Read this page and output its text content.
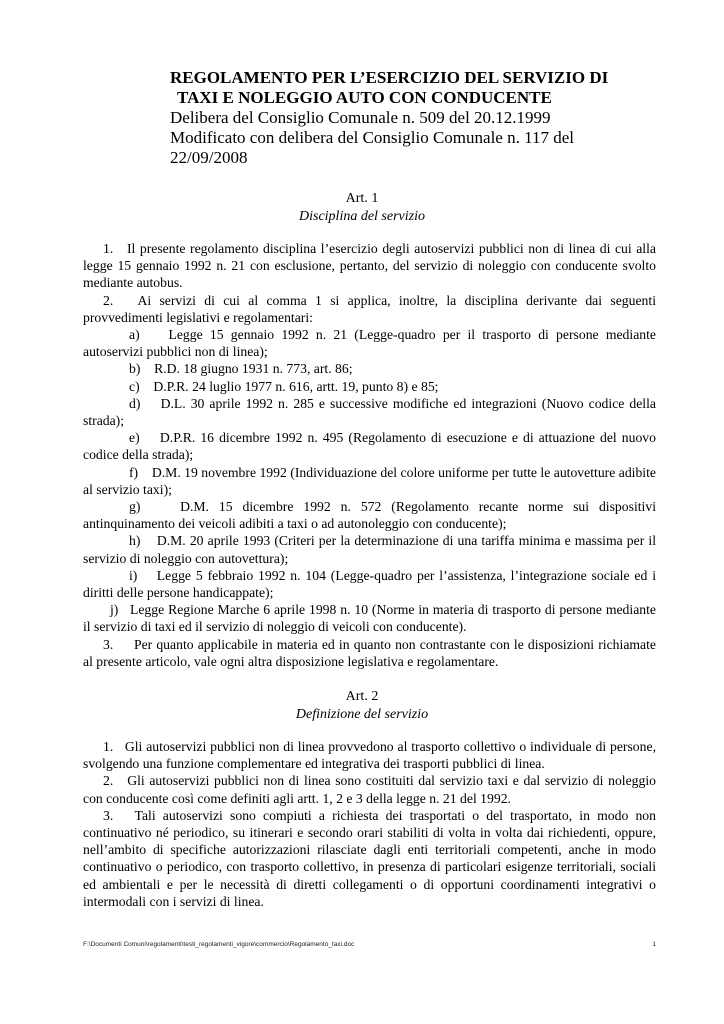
REGOLAMENTO PER L’ESERCIZIO DEL SERVIZIO DI

TAXI E NOLEGGIO AUTO CON CONDUCENTE

Delibera del Consiglio Comunale n. 509 del 20.12.1999

Modificato con delibera del Consiglio Comunale n. 117 del

22/09/2008

Art. 1
Disciplina del servizio

1.   Il presente regolamento disciplina l’esercizio degli autoservizi pubblici non di linea di cui alla legge 15 gennaio 1992 n. 21 con esclusione, pertanto, del servizio di noleggio con conducente svolto mediante autobus.

2.   Ai servizi di cui al comma 1 si applica, inoltre, la disciplina derivante dai seguenti provvedimenti legislativi e regolamentari:

a)    Legge 15 gennaio 1992 n. 21 (Legge-quadro per il trasporto di persone mediante autoservizi pubblici non di linea);

b)    R.D. 18 giugno 1931 n. 773, art. 86;

c)    D.P.R. 24 luglio 1977 n. 616, artt. 19, punto 8) e 85;

d)    D.L. 30 aprile 1992 n. 285 e successive modifiche ed integrazioni (Nuovo codice della strada);

e)    D.P.R. 16 dicembre 1992 n. 495 (Regolamento di esecuzione e di attuazione del nuovo codice della strada);

f)    D.M. 19 novembre 1992 (Individuazione del colore uniforme per tutte le autovetture adibite al servizio taxi);

g)    D.M. 15 dicembre 1992 n. 572 (Regolamento recante norme sui dispositivi antinquinamento dei veicoli adibiti a taxi o ad autonoleggio con conducente);

h)    D.M. 20 aprile 1993 (Criteri per la determinazione di una tariffa minima e massima per il servizio di noleggio con autovettura);

i)    Legge 5 febbraio 1992 n. 104 (Legge-quadro per l’assistenza, l’integrazione sociale ed i diritti delle persone handicappate);

j)   Legge Regione Marche 6 aprile 1998 n. 10 (Norme in materia di trasporto di persone mediante il servizio di taxi ed il servizio di noleggio di veicoli con conducente).

3.     Per quanto applicabile in materia ed in quanto non contrastante con le disposizioni richiamate al presente articolo, vale ogni altra disposizione legislativa e regolamentare.

Art. 2
Definizione del servizio

1.   Gli autoservizi pubblici non di linea provvedono al trasporto collettivo o individuale di persone, svolgendo una funzione complementare ed integrativa dei trasporti pubblici di linea.

2.   Gli autoservizi pubblici non di linea sono costituiti dal servizio taxi e dal servizio di noleggio con conducente così come definiti agli artt. 1, 2 e 3 della legge n. 21 del 1992.

3.   Tali autoservizi sono compiuti a richiesta dei trasportati o del trasportato, in modo non continuativo né periodico, su itinerari e secondo orari stabiliti di volta in volta dai richiedenti, oppure, nell’ambito di specifiche autorizzazioni rilasciate dagli enti territoriali competenti, anche in modo continuativo o periodico, con trasporto collettivo, in presenza di particolari esigenze territoriali, sociali ed ambientali e per le necessità di diretti collegamenti o di opportuni coordinamenti integrativi o intermodali con i servizi di linea.

F:\Documenti Comuni\regolamenti\testi_regolamenti_vigore\commercio\Regolamento_taxi.doc	1
